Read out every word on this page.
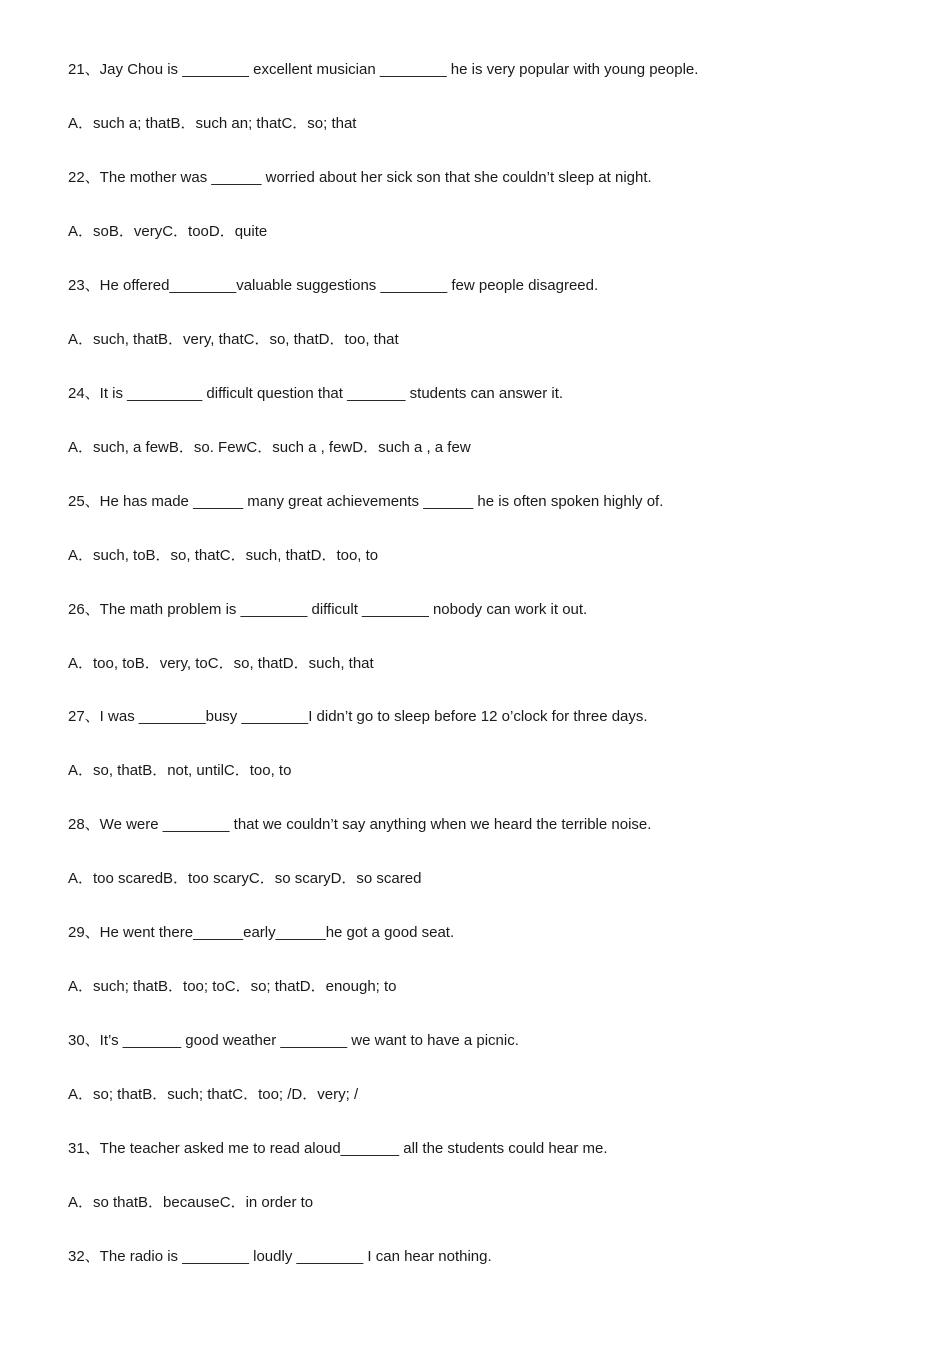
21、Jay Chou is ________ excellent musician ________ he is very popular with young people.
A．such a; thatB．such an; thatC．so; that
22、The mother was ______ worried about her sick son that she couldn’t sleep at night.
A．soB．veryC．tooD．quite
23、He offered________valuable suggestions ________ few people disagreed.
A．such, thatB．very, thatC．so, thatD．too, that
24、It is _________ difficult question that _______ students can answer it.
A．such, a fewB．so. FewC．such a , fewD．such a , a few
25、He has made ______ many great achievements ______ he is often spoken highly of.
A．such, toB．so, thatC．such, thatD．too, to
26、The math problem is ________ difficult ________ nobody can work it out.
A．too, toB．very, toC．so, thatD．such, that
27、I was ________busy ________I didn’t go to sleep before 12 o’clock for three days.
A．so, thatB．not, untilC．too, to
28、We were ________ that we couldn’t say anything when we heard the terrible noise.
A．too scaredB．too scaryC．so scaryD．so scared
29、He went there______early______he got a good seat.
A．such; thatB．too; toC．so; thatD．enough; to
30、It’s _______ good weather ________ we want to have a picnic.
A．so; thatB．such; thatC．too; /D．very; /
31、The teacher asked me to read aloud_______ all the students could hear me.
A．so thatB．becauseC．in order to
32、The radio is ________ loudly ________ I can hear nothing.
